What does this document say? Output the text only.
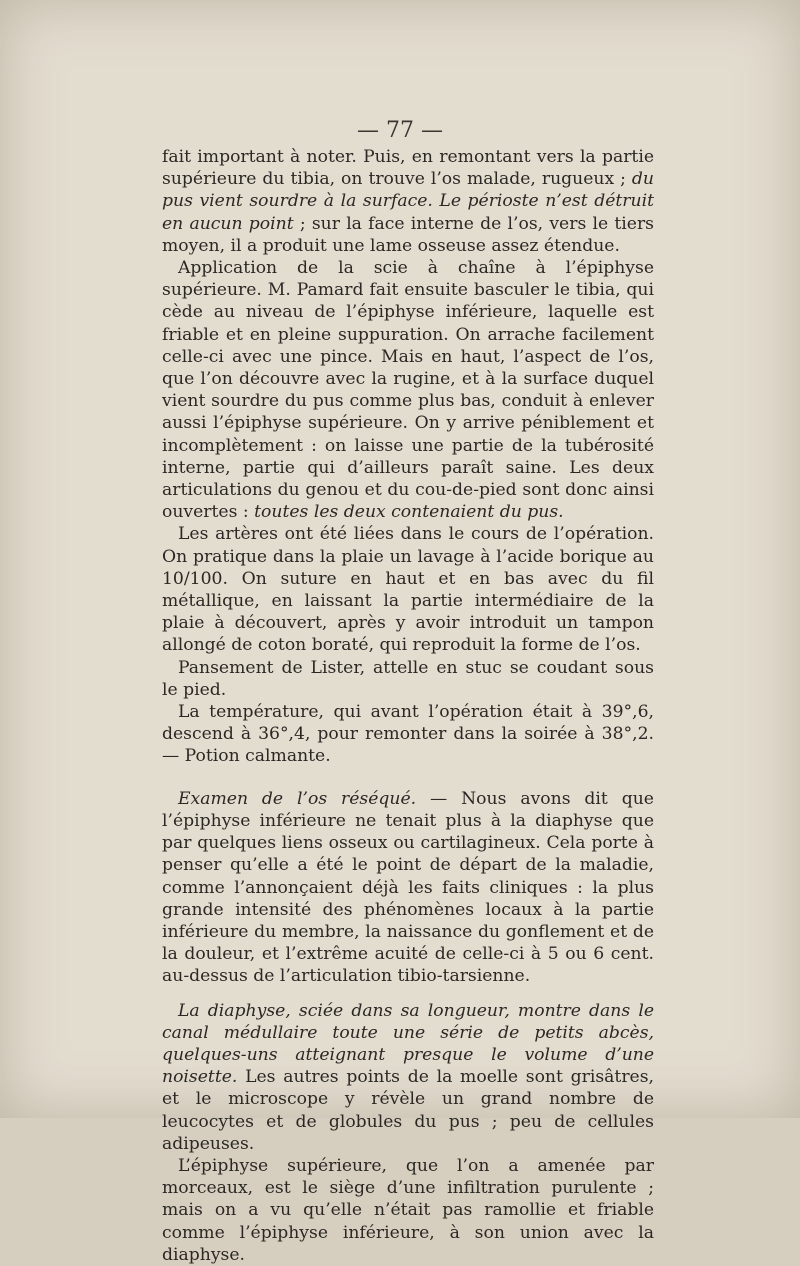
— 77 —

fait important à noter. Puis, en remontant vers la partie supérieure du tibia, on trouve l’os malade, rugueux ; du pus vient sourdre à la surface. Le périoste n’est détruit en aucun point ; sur la face interne de l’os, vers le tiers moyen, il a produit une lame osseuse assez étendue.

Application de la scie à chaîne à l’épiphyse supérieure. M. Pamard fait ensuite basculer le tibia, qui cède au niveau de l’épiphyse inférieure, laquelle est friable et en pleine suppuration. On arrache facilement celle-ci avec une pince. Mais en haut, l’aspect de l’os, que l’on découvre avec la rugine, et à la surface duquel vient sourdre du pus comme plus bas, conduit à enlever aussi l’épiphyse supérieure. On y arrive péniblement et incomplètement : on laisse une partie de la tubérosité interne, partie qui d’ailleurs paraît saine. Les deux articulations du genou et du cou-de-pied sont donc ainsi ouvertes : toutes les deux contenaient du pus.

Les artères ont été liées dans le cours de l’opération. On pratique dans la plaie un lavage à l’acide borique au 10/100. On suture en haut et en bas avec du fil métallique, en laissant la partie intermédiaire de la plaie à découvert, après y avoir introduit un tampon allongé de coton boraté, qui reproduit la forme de l’os.

Pansement de Lister, attelle en stuc se coudant sous le pied.

La température, qui avant l’opération était à 39°,6, descend à 36°,4, pour remonter dans la soirée à 38°,2. — Potion calmante.

Examen de l’os réséqué. — Nous avons dit que l’épiphyse inférieure ne tenait plus à la diaphyse que par quelques liens osseux ou cartilagineux. Cela porte à penser qu’elle a été le point de départ de la maladie, comme l’annonçaient déjà les faits cliniques : la plus grande intensité des phénomènes locaux à la partie inférieure du membre, la naissance du gonflement et de la douleur, et l’extrême acuité de celle-ci à 5 ou 6 cent. au-dessus de l’articulation tibio-tarsienne.

La diaphyse, sciée dans sa longueur, montre dans le canal médullaire toute une série de petits abcès, quelques-uns atteignant presque le volume d’une noisette. Les autres points de la moelle sont grisâtres, et le microscope y révèle un grand nombre de leucocytes et de globules du pus ; peu de cellules adipeuses.

L’épiphyse supérieure, que l’on a amenée par morceaux, est le siège d’une infiltration purulente ; mais on a vu qu’elle n’était pas ramollie et friable comme l’épiphyse inférieure, à son union avec la diaphyse.
